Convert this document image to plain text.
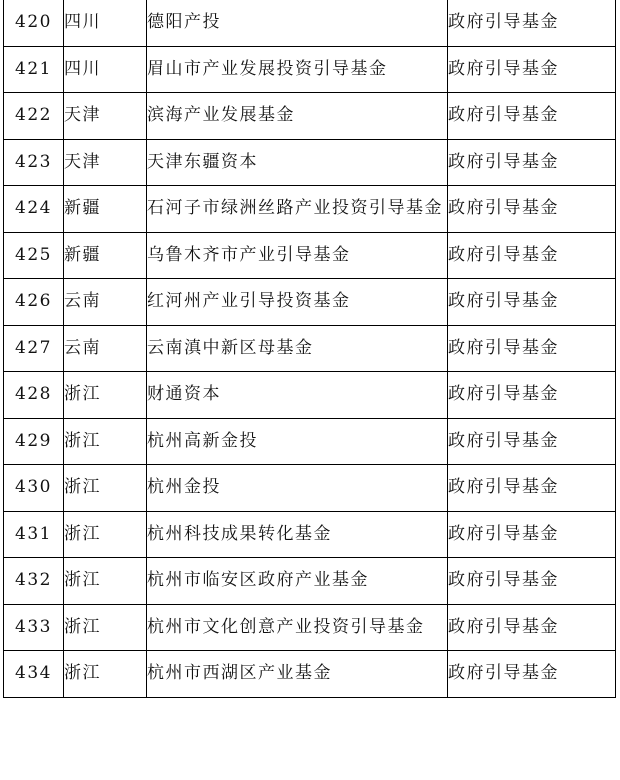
420	四川	德阳产投	政府引导基金
421	四川	眉山市产业发展投资引导基金	政府引导基金
422	天津	滨海产业发展基金	政府引导基金
423	天津	天津东疆资本	政府引导基金
424	新疆	石河子市绿洲丝路产业投资引导基金	政府引导基金
425	新疆	乌鲁木齐市产业引导基金	政府引导基金
426	云南	红河州产业引导投资基金	政府引导基金
427	云南	云南滇中新区母基金	政府引导基金
428	浙江	财通资本	政府引导基金
429	浙江	杭州高新金投	政府引导基金
430	浙江	杭州金投	政府引导基金
431	浙江	杭州科技成果转化基金	政府引导基金
432	浙江	杭州市临安区政府产业基金	政府引导基金
433	浙江	杭州市文化创意产业投资引导基金	政府引导基金
434	浙江	杭州市西湖区产业基金	政府引导基金
